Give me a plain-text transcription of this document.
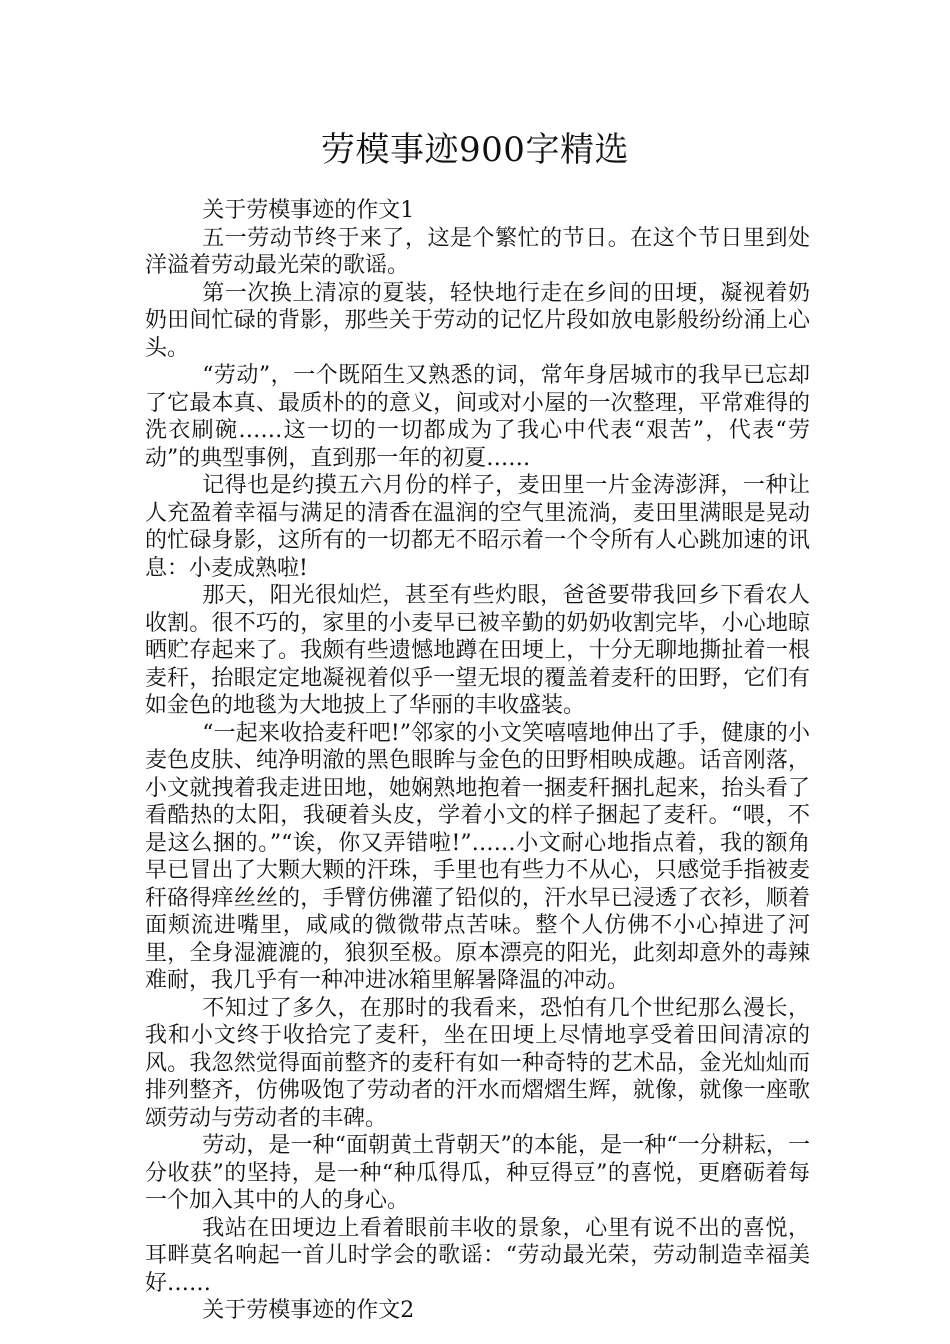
劳模事迹900字精选

关于劳模事迹的作文1

五一劳动节终于来了，这是个繁忙的节日。在这个节日里到处洋溢着劳动最光荣的歌谣。

第一次换上清凉的夏装，轻快地行走在乡间的田埂，凝视着奶奶田间忙碌的背影，那些关于劳动的记忆片段如放电影般纷纷涌上心头。

“劳动”，一个既陌生又熟悉的词，常年身居城市的我早已忘却了它最本真、最质朴的的意义，间或对小屋的一次整理，平常难得的洗衣刷碗……这一切的一切都成为了我心中代表“艰苦”，代表“劳动”的典型事例，直到那一年的初夏……

记得也是约摸五六月份的样子，麦田里一片金涛澎湃，一种让人充盈着幸福与满足的清香在温润的空气里流淌，麦田里满眼是晃动的忙碌身影，这所有的一切都无不昭示着一个令所有人心跳加速的讯息：小麦成熟啦!

那天，阳光很灿烂，甚至有些灼眼，爸爸要带我回乡下看农人收割。很不巧的，家里的小麦早已被辛勤的奶奶收割完毕，小心地晾晒贮存起来了。我颇有些遗憾地蹲在田埂上，十分无聊地撕扯着一根麦秆，抬眼定定地凝视着似乎一望无垠的覆盖着麦秆的田野，它们有如金色的地毯为大地披上了华丽的丰收盛装。

“一起来收拾麦秆吧!”邻家的小文笑嘻嘻地伸出了手，健康的小麦色皮肤、纯净明澈的黑色眼眸与金色的田野相映成趣。话音刚落，小文就拽着我走进田地，她娴熟地抱着一捆麦秆捆扎起来，抬头看了看酷热的太阳，我硬着头皮，学着小文的样子捆起了麦秆。“喂，不是这么捆的。”“诶，你又弄错啦!”……小文耐心地指点着，我的额角早已冒出了大颗大颗的汗珠，手里也有些力不从心，只感觉手指被麦秆硌得痒丝丝的，手臂仿佛灌了铅似的，汗水早已浸透了衣衫，顺着面颊流进嘴里，咸咸的微微带点苦味。整个人仿佛不小心掉进了河里，全身湿漉漉的，狼狈至极。原本漂亮的阳光，此刻却意外的毒辣难耐，我几乎有一种冲进冰箱里解暑降温的冲动。

不知过了多久，在那时的我看来，恐怕有几个世纪那么漫长，我和小文终于收拾完了麦秆，坐在田埂上尽情地享受着田间清凉的风。我忽然觉得面前整齐的麦秆有如一种奇特的艺术品，金光灿灿而排列整齐，仿佛吸饱了劳动者的汗水而熠熠生辉，就像，就像一座歌颂劳动与劳动者的丰碑。

劳动，是一种“面朝黄土背朝天”的本能，是一种“一分耕耘，一分收获”的坚持，是一种“种瓜得瓜，种豆得豆”的喜悦，更磨砺着每一个加入其中的人的身心。

我站在田埂边上看着眼前丰收的景象，心里有说不出的喜悦，耳畔莫名响起一首儿时学会的歌谣：“劳动最光荣，劳动制造幸福美好……

关于劳模事迹的作文2
